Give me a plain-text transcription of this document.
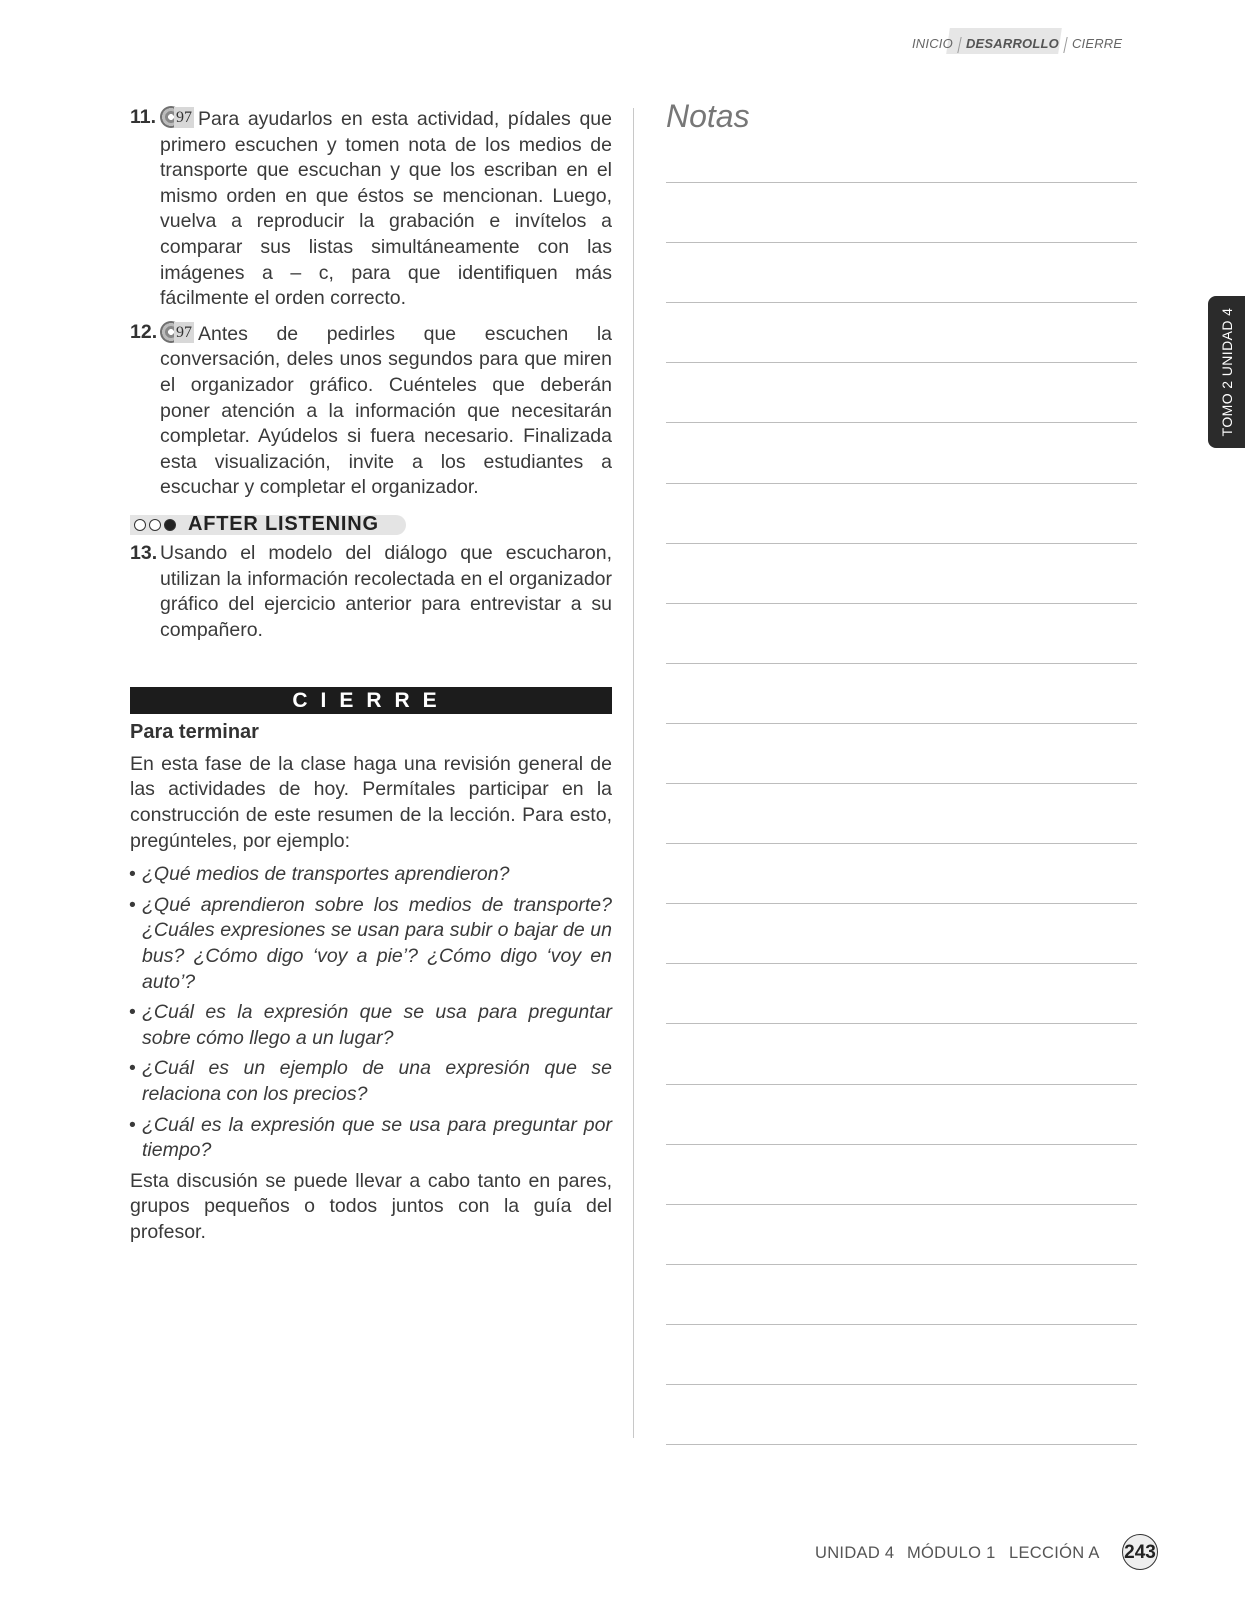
INICIO DESARROLLO CIERRE
11. 97 Para ayudarlos en esta actividad, pídales que primero escuchen y tomen nota de los medios de transporte que escuchan y que los escriban en el mismo orden en que éstos se mencionan. Luego, vuelva a reproducir la grabación e invítelos a comparar sus listas simultáneamente con las imágenes a – c, para que identifiquen más fácilmente el orden correcto.
12. 97 Antes de pedirles que escuchen la conversación, deles unos segundos para que miren el organizador gráfico. Cuénteles que deberán poner atención a la información que necesitarán completar. Ayúdelos si fuera necesario. Finalizada esta visualización, invite a los estudiantes a escuchar y completar el organizador.
AFTER LISTENING
13. Usando el modelo del diálogo que escucharon, utilizan la información recolectada en el organizador gráfico del ejercicio anterior para entrevistar a su compañero.
CIERRE
Para terminar
En esta fase de la clase haga una revisión general de las actividades de hoy. Permítales participar en la construcción de este resumen de la lección. Para esto, pregúnteles, por ejemplo:
• ¿Qué medios de transportes aprendieron?
• ¿Qué aprendieron sobre los medios de transporte? ¿Cuáles expresiones se usan para subir o bajar de un bus? ¿Cómo digo ‘voy a pie’? ¿Cómo digo ‘voy en auto’?
• ¿Cuál es la expresión que se usa para preguntar sobre cómo llego a un lugar?
• ¿Cuál es un ejemplo de una expresión que se relaciona con los precios?
• ¿Cuál es la expresión que se usa para preguntar por tiempo?
Esta discusión se puede llevar a cabo tanto en pares, grupos pequeños o todos juntos con la guía del profesor.
Notas
TOMO 2 UNIDAD 4
UNIDAD 4 MÓDULO 1 LECCIÓN A 243
